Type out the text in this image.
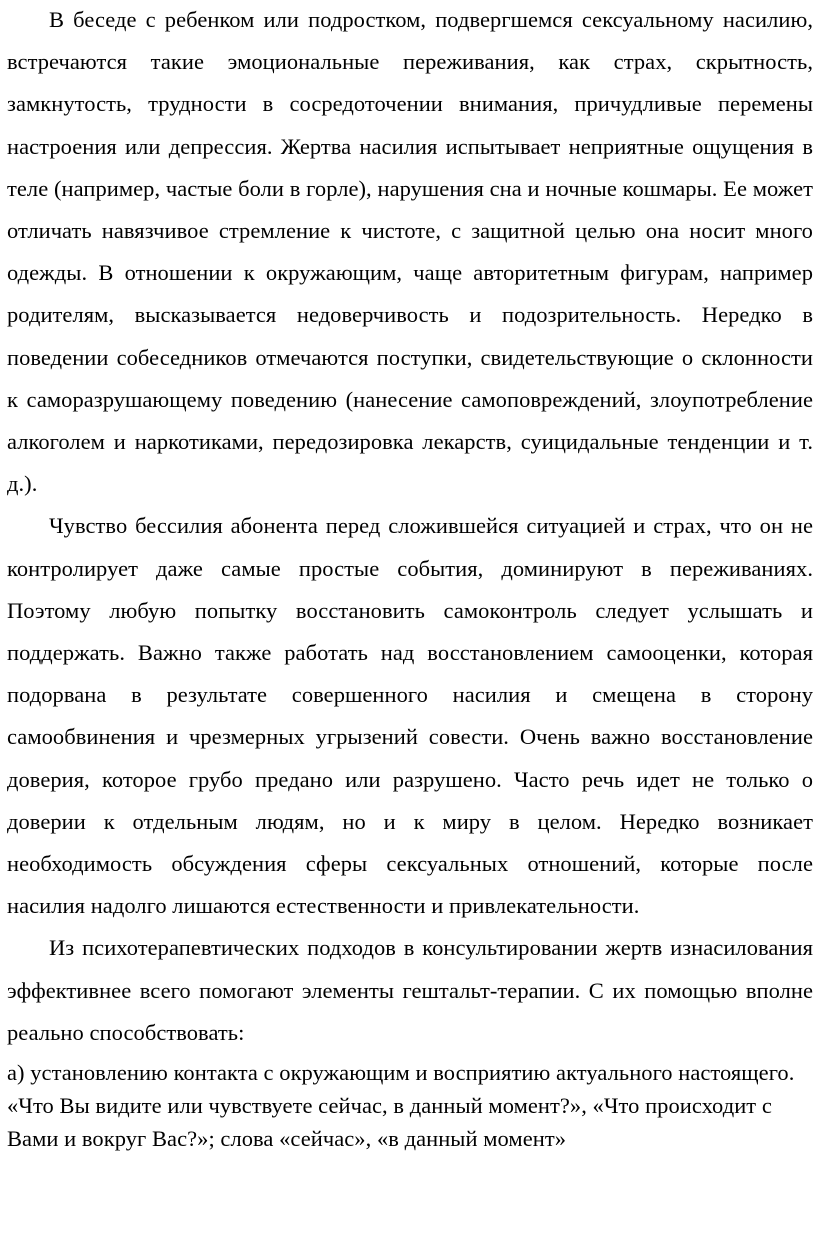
В беседе с ребенком или подростком, подвергшемся сексуальному насилию, встречаются такие эмоциональные переживания, как страх, скрытность, замкнутость, трудности в сосредоточении внимания, причудливые перемены настроения или депрессия. Жертва насилия испытывает неприятные ощущения в теле (например, частые боли в горле), нарушения сна и ночные кошмары. Ее может отличать навязчивое стремление к чистоте, с защитной целью она носит много одежды. В отношении к окружающим, чаще авторитетным фигурам, например родителям, высказывается недоверчивость и подозрительность. Нередко в поведении собеседников отмечаются поступки, свидетельствующие о склонности к саморазрушающему поведению (нанесение самоповреждений, злоупотребление алкоголем и наркотиками, передозировка лекарств, суицидальные тенденции и т. д.).

Чувство бессилия абонента перед сложившейся ситуацией и страх, что он не контролирует даже самые простые события, доминируют в переживаниях. Поэтому любую попытку восстановить самоконтроль следует услышать и поддержать. Важно также работать над восстановлением самооценки, которая подорвана в результате совершенного насилия и смещена в сторону самообвинения и чрезмерных угрызений совести. Очень важно восстановление доверия, которое грубо предано или разрушено. Часто речь идет не только о доверии к отдельным людям, но и к миру в целом. Нередко возникает необходимость обсуждения сферы сексуальных отношений, которые после насилия надолго лишаются естественности и привлекательности.

Из психотерапевтических подходов в консультировании жертв изнасилования эффективнее всего помогают элементы гештальт-терапии. С их помощью вполне реально способствовать:

а) установлению контакта с окружающим и восприятию актуального настоящего. «Что Вы видите или чувствуете сейчас, в данный момент?», «Что происходит с Вами и вокруг Вас?»; слова «сейчас», «в данный момент»
